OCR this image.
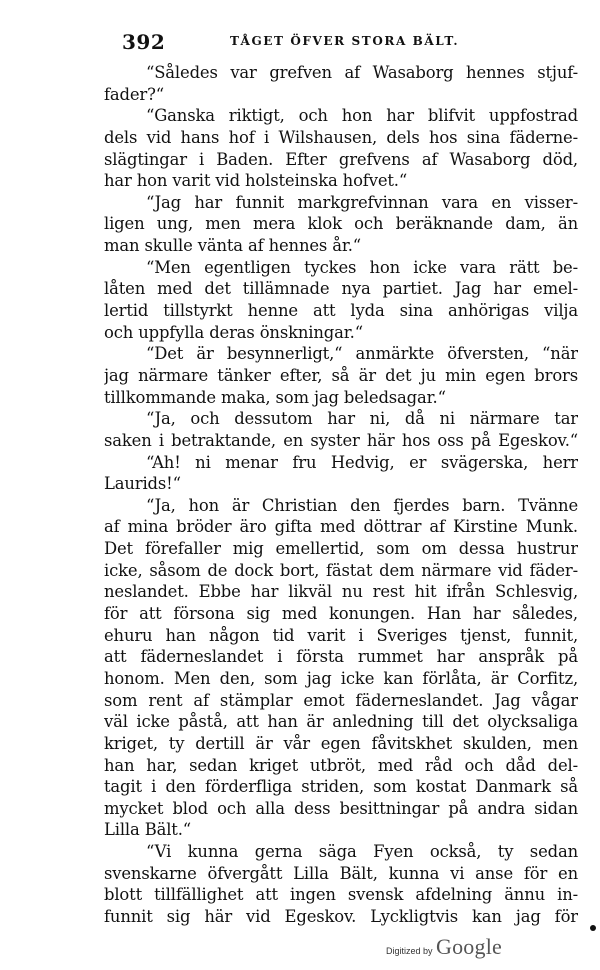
392	TÅGET ÖFVER STORA BÄLT.
“Således var grefven af Wasaborg hennes stjuf-
fader?“
“Ganska riktigt, och hon har blifvit uppfostrad
dels vid hans hof i Wilshausen, dels hos sina fäderne-
slägtingar i Baden. Efter grefvens af Wasaborg död,
har hon varit vid holsteinska hofvet.“
“Jag har funnit markgrefvinnan vara en visser-
ligen ung, men mera klok och beräknande dam, än
man skulle vänta af hennes år.“
“Men egentligen tyckes hon icke vara rätt be-
låten med det tillämnade nya partiet. Jag har emel-
lertid tillstyrkt henne att lyda sina anhörigas vilja
och uppfylla deras önskningar.“
“Det är besynnerligt,“ anmärkte öfversten, “när
jag närmare tänker efter, så är det ju min egen brors
tillkommande maka, som jag beledsagar.“
“Ja, och dessutom har ni, då ni närmare tar
saken i betraktande, en syster här hos oss på Egeskov.“
“Ah! ni menar fru Hedvig, er svägerska, herr
Laurids!“
“Ja, hon är Christian den fjerdes barn. Tvänne
af mina bröder äro gifta med döttrar af Kirstine Munk.
Det förefaller mig emellertid, som om dessa hustrur
icke, såsom de dock bort, fästat dem närmare vid fäder-
neslandet. Ebbe har likväl nu rest hit ifrån Schlesvig,
för att försona sig med konungen. Han har således,
ehuru han någon tid varit i Sveriges tjenst, funnit,
att fäderneslandet i första rummet har anspråk på
honom. Men den, som jag icke kan förlåta, är Corfitz,
som rent af stämplar emot fäderneslandet. Jag vågar
väl icke påstå, att han är anledning till det olycksaliga
kriget, ty dertill är vår egen fåvitskhet skulden, men
han har, sedan kriget utbröt, med råd och dåd del-
tagit i den förderfliga striden, som kostat Danmark så
mycket blod och alla dess besittningar på andra sidan
Lilla Bält.“
“Vi kunna gerna säga Fyen också, ty sedan
svenskarne öfvergått Lilla Bält, kunna vi anse för en
blott tillfällighet att ingen svensk afdelning ännu in-
funnit sig här vid Egeskov. Lyckligtvis kan jag för
Digitized by Google
